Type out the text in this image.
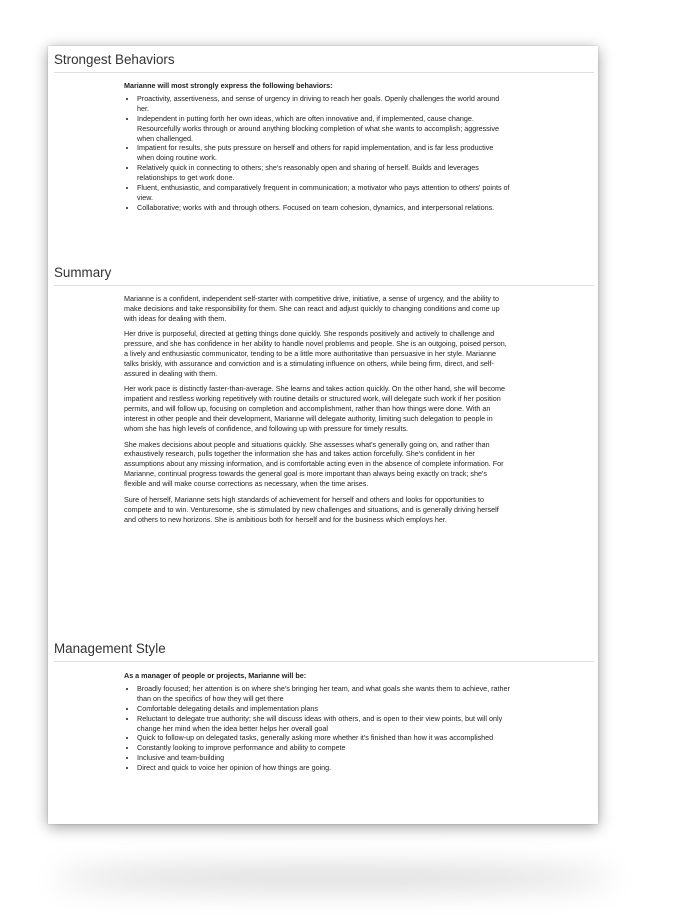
Strongest Behaviors

Marianne will most strongly express the following behaviors:

• Proactivity, assertiveness, and sense of urgency in driving to reach her goals. Openly challenges the world around her.
• Independent in putting forth her own ideas, which are often innovative and, if implemented, cause change. Resourcefully works through or around anything blocking completion of what she wants to accomplish; aggressive when challenged.
• Impatient for results, she puts pressure on herself and others for rapid implementation, and is far less productive when doing routine work.
• Relatively quick in connecting to others; she's reasonably open and sharing of herself. Builds and leverages relationships to get work done.
• Fluent, enthusiastic, and comparatively frequent in communication; a motivator who pays attention to others' points of view.
• Collaborative; works with and through others. Focused on team cohesion, dynamics, and interpersonal relations.
Summary

Marianne is a confident, independent self-starter with competitive drive, initiative, a sense of urgency, and the ability to make decisions and take responsibility for them. She can react and adjust quickly to changing conditions and come up with ideas for dealing with them.

Her drive is purposeful, directed at getting things done quickly. She responds positively and actively to challenge and pressure, and she has confidence in her ability to handle novel problems and people. She is an outgoing, poised person, a lively and enthusiastic communicator, tending to be a little more authoritative than persuasive in her style. Marianne talks briskly, with assurance and conviction and is a stimulating influence on others, while being firm, direct, and self-assured in dealing with them.

Her work pace is distinctly faster-than-average. She learns and takes action quickly. On the other hand, she will become impatient and restless working repetitively with routine details or structured work, will delegate such work if her position permits, and will follow up, focusing on completion and accomplishment, rather than how things were done. With an interest in other people and their development, Marianne will delegate authority, limiting such delegation to people in whom she has high levels of confidence, and following up with pressure for timely results.

She makes decisions about people and situations quickly. She assesses what's generally going on, and rather than exhaustively research, pulls together the information she has and takes action forcefully. She's confident in her assumptions about any missing information, and is comfortable acting even in the absence of complete information. For Marianne, continual progress towards the general goal is more important than always being exactly on track; she's flexible and will make course corrections as necessary, when the time arises.

Sure of herself, Marianne sets high standards of achievement for herself and others and looks for opportunities to compete and to win. Venturesome, she is stimulated by new challenges and situations, and is generally driving herself and others to new horizons. She is ambitious both for herself and for the business which employs her.

Management Style

As a manager of people or projects, Marianne will be:

• Broadly focused; her attention is on where she's bringing her team, and what goals she wants them to achieve, rather than on the specifics of how they will get there
• Comfortable delegating details and implementation plans
• Reluctant to delegate true authority; she will discuss ideas with others, and is open to their view points, but will only change her mind when the idea better helps her overall goal
• Quick to follow-up on delegated tasks, generally asking more whether it's finished than how it was accomplished
• Constantly looking to improve performance and ability to compete
• Inclusive and team-building
• Direct and quick to voice her opinion of how things are going.
